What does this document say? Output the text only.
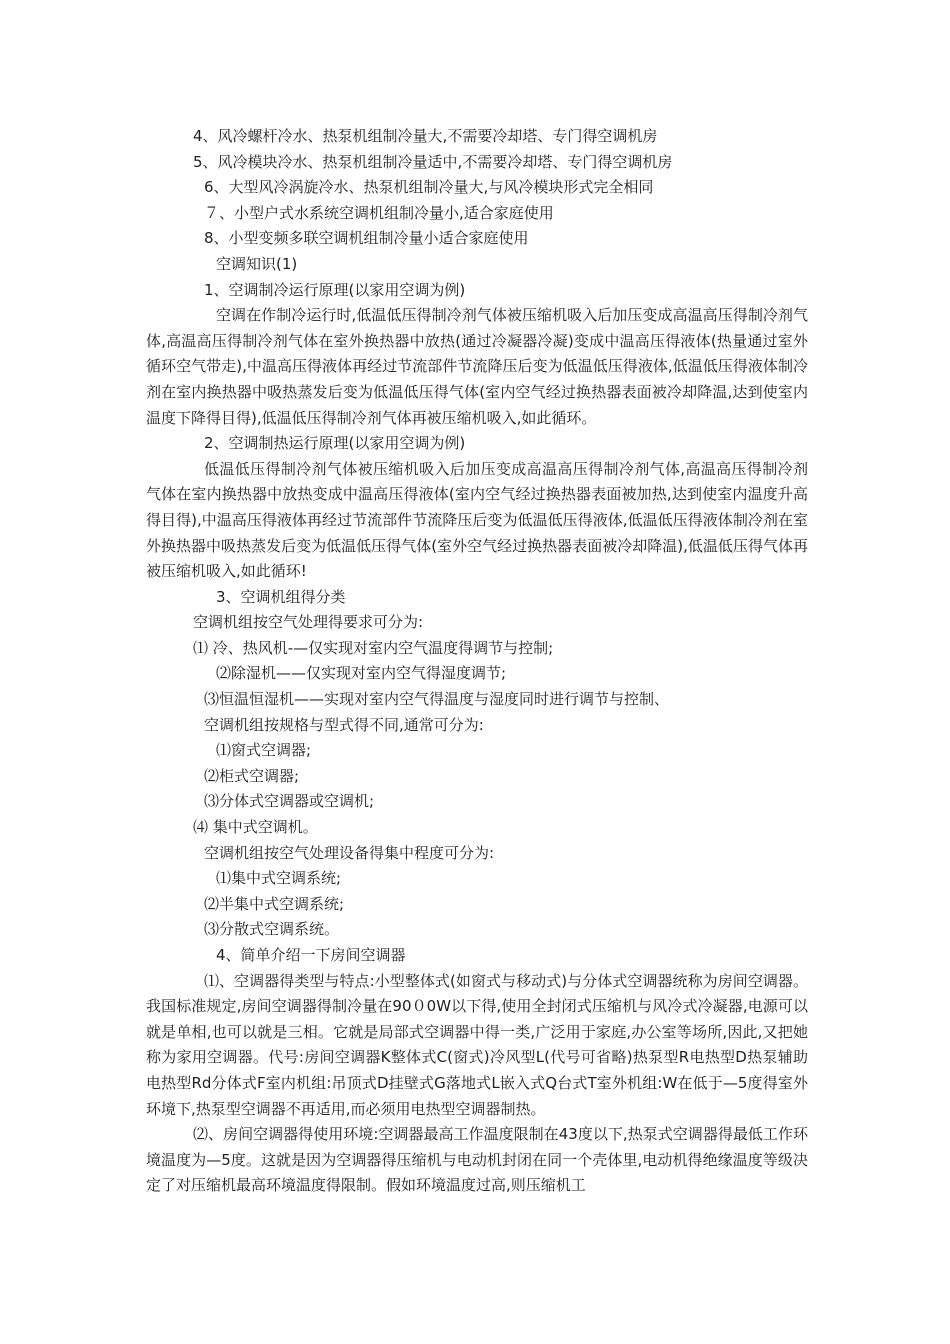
4、风冷螺杆冷水、热泵机组制冷量大,不需要冷却塔、专门得空调机房
5、风冷模块冷水、热泵机组制冷量适中,不需要冷却塔、专门得空调机房
6、大型风冷涡旋冷水、热泵机组制冷量大,与风冷模块形式完全相同
７、小型户式水系统空调机组制冷量小,适合家庭使用
8、小型变频多联空调机组制冷量小适合家庭使用
空调知识(1)
1、空调制冷运行原理(以家用空调为例)
空调在作制冷运行时,低温低压得制冷剂气体被压缩机吸入后加压变成高温高压得制冷剂气体,高温高压得制冷剂气体在室外换热器中放热(通过冷凝器冷凝)变成中温高压得液体(热量通过室外循环空气带走),中温高压得液体再经过节流部件节流降压后变为低温低压得液体,低温低压得液体制冷剂在室内换热器中吸热蒸发后变为低温低压得气体(室内空气经过换热器表面被冷却降温,达到使室内温度下降得目得),低温低压得制冷剂气体再被压缩机吸入,如此循环。
2、空调制热运行原理(以家用空调为例)
低温低压得制冷剂气体被压缩机吸入后加压变成高温高压得制冷剂气体,高温高压得制冷剂气体在室内换热器中放热变成中温高压得液体(室内空气经过换热器表面被加热,达到使室内温度升高得目得),中温高压得液体再经过节流部件节流降压后变为低温低压得液体,低温低压得液体制冷剂在室外换热器中吸热蒸发后变为低温低压得气体(室外空气经过换热器表面被冷却降温),低温低压得气体再被压缩机吸入,如此循环!
3、空调机组得分类
空调机组按空气处理得要求可分为:
⑴ 冷、热风机-—仅实现对室内空气温度得调节与控制;
⑵除湿机——仅实现对室内空气得湿度调节;
⑶恒温恒湿机——实现对室内空气得温度与湿度同时进行调节与控制、
空调机组按规格与型式得不同,通常可分为:
⑴窗式空调器;
⑵柜式空调器;
⑶分体式空调器或空调机;
⑷ 集中式空调机。
空调机组按空气处理设备得集中程度可分为:
⑴集中式空调系统;
⑵半集中式空调系统;
⑶分散式空调系统。
4、简单介绍一下房间空调器
⑴、空调器得类型与特点:小型整体式(如窗式与移动式)与分体式空调器统称为房间空调器。我国标准规定,房间空调器得制冷量在90０0W以下得,使用全封闭式压缩机与风冷式冷凝器,电源可以就是单相,也可以就是三相。它就是局部式空调器中得一类,广泛用于家庭,办公室等场所,因此,又把她称为家用空调器。代号:房间空调器K整体式C(窗式)冷风型L(代号可省略)热泵型R电热型D热泵辅助电热型Rd分体式F室内机组:吊顶式D挂壁式G落地式L嵌入式Q台式T室外机组:W在低于—5度得室外环境下,热泵型空调器不再适用,而必须用电热型空调器制热。
⑵、房间空调器得使用环境:空调器最高工作温度限制在43度以下,热泵式空调器得最低工作环境温度为—5度。这就是因为空调器得压缩机与电动机封闭在同一个壳体里,电动机得绝缘温度等级决定了对压缩机最高环境温度得限制。假如环境温度过高,则压缩机工
